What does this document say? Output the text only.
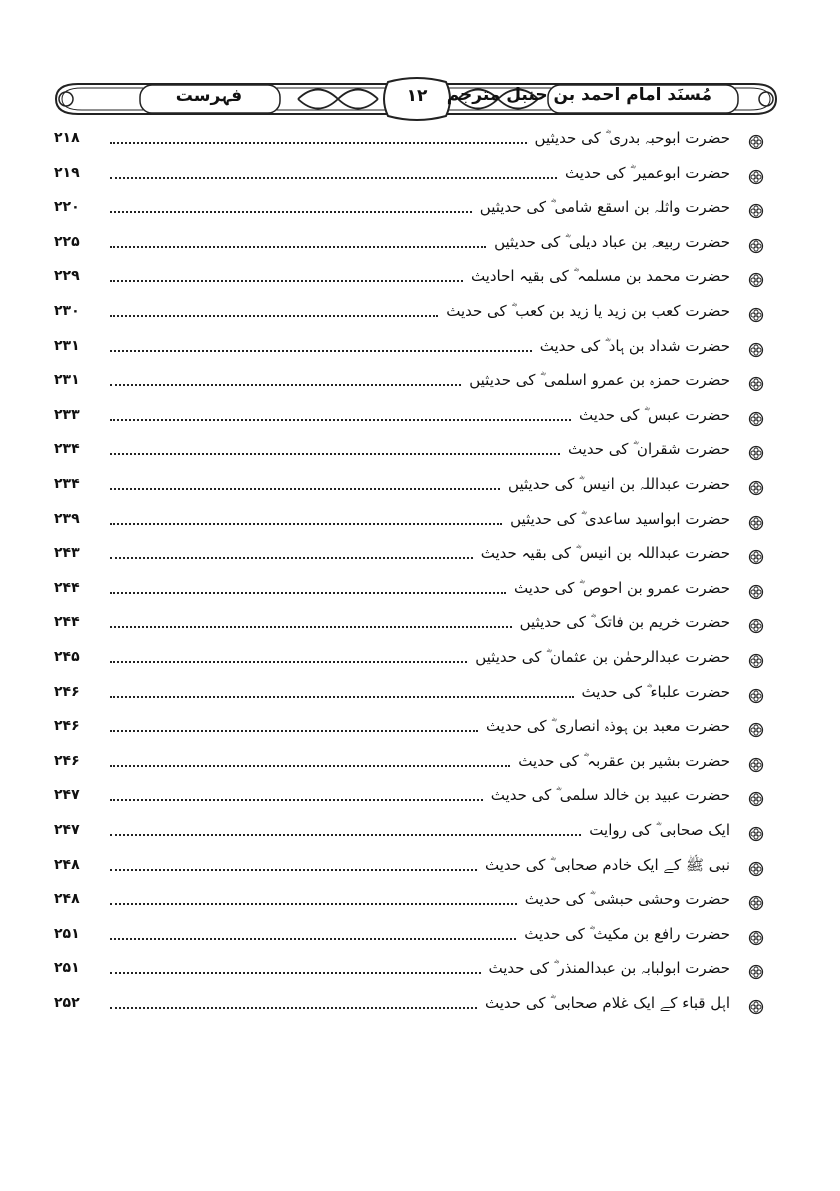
مُسنَد امام احمد بن حنبل مترجم
۱۲
فہرست
حضرت ابوحبہ بدری ؓ کی حدیثیں
۲۱۸
حضرت ابوعمیر ؓ کی حدیث
۲۱۹
حضرت واثلہ بن اسقع شامی ؓ کی حدیثیں
۲۲۰
حضرت ربیعہ بن عباد دیلی ؓ کی حدیثیں
۲۲۵
حضرت محمد بن مسلمہ ؓ کی بقیہ احادیث
۲۲۹
حضرت کعب بن زید یا زید بن کعب ؓ کی حدیث
۲۳۰
حضرت شداد بن ہاد ؓ کی حدیث
۲۳۱
حضرت حمزہ بن عمرو اسلمی ؓ کی حدیثیں
۲۳۱
حضرت عبس ؓ کی حدیث
۲۳۳
حضرت شقران ؓ کی حدیث
۲۳۴
حضرت عبداللہ بن انیس ؓ کی حدیثیں
۲۳۴
حضرت ابواسید ساعدی ؓ کی حدیثیں
۲۳۹
حضرت عبداللہ بن انیس ؓ کی بقیہ حدیث
۲۴۳
حضرت عمرو بن احوص ؓ کی حدیث
۲۴۴
حضرت خریم بن فاتک ؓ کی حدیثیں
۲۴۴
حضرت عبدالرحمٰن بن عثمان ؓ کی حدیثیں
۲۴۵
حضرت علباء ؓ کی حدیث
۲۴۶
حضرت معبد بن ہوذہ انصاری ؓ کی حدیث
۲۴۶
حضرت بشیر بن عقربہ ؓ کی حدیث
۲۴۶
حضرت عبید بن خالد سلمی ؓ کی حدیث
۲۴۷
ایک صحابی ؓ کی روایت
۲۴۷
نبی ﷺ کے ایک خادم صحابی ؓ کی حدیث
۲۴۸
حضرت وحشی حبشی ؓ کی حدیث
۲۴۸
حضرت رافع بن مکیث ؓ کی حدیث
۲۵۱
حضرت ابولبابہ بن عبدالمنذر ؓ کی حدیث
۲۵۱
اہل قباء کے ایک غلام صحابی ؓ کی حدیث
۲۵۲
